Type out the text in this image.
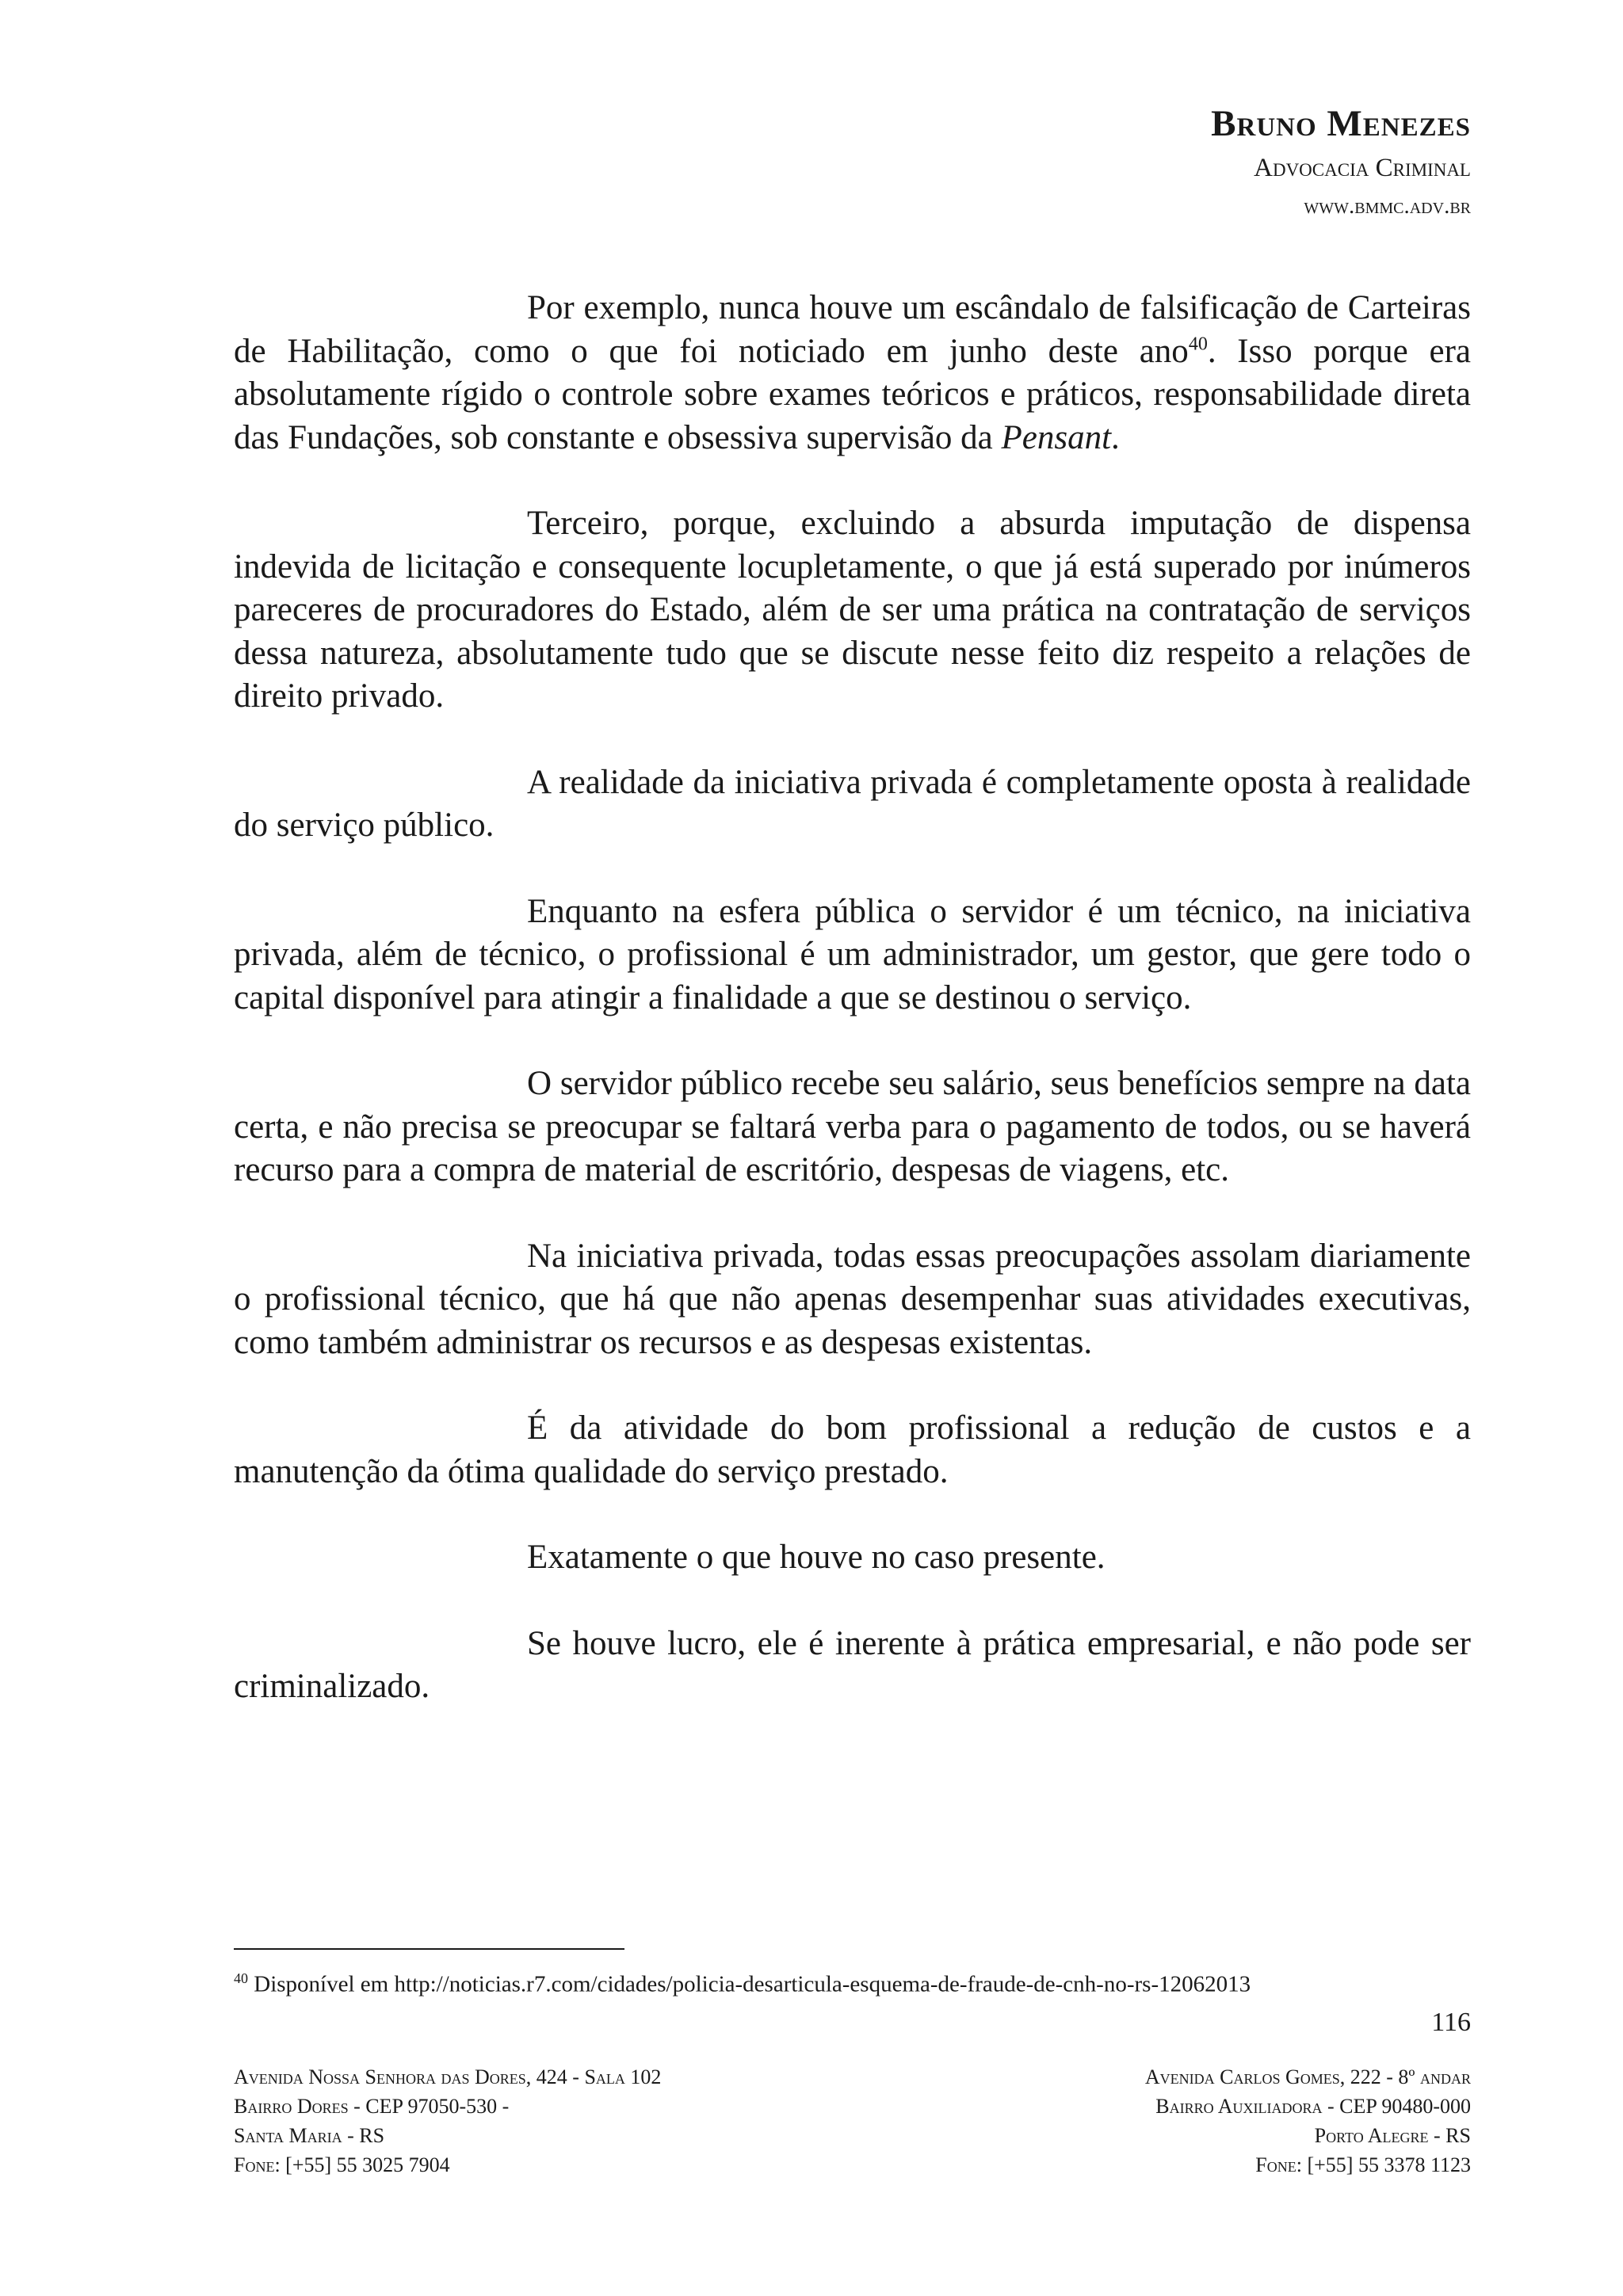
Bruno Menezes
Advocacia Criminal
www.bmmc.adv.br

Por exemplo, nunca houve um escândalo de falsificação de Carteiras de Habilitação, como o que foi noticiado em junho deste ano$^{40}$. Isso porque era absolutamente rígido o controle sobre exames teóricos e práticos, responsabilidade direta das Fundações, sob constante e obsessiva supervisão da Pensant.

Terceiro, porque, excluindo a absurda imputação de dispensa indevida de licitação e consequente locupletamente, o que já está superado por inúmeros pareceres de procuradores do Estado, além de ser uma prática na contratação de serviços dessa natureza, absolutamente tudo que se discute nesse feito diz respeito a relações de direito privado.

A realidade da iniciativa privada é completamente oposta à realidade do serviço público.

Enquanto na esfera pública o servidor é um técnico, na iniciativa privada, além de técnico, o profissional é um administrador, um gestor, que gere todo o capital disponível para atingir a finalidade a que se destinou o serviço.

O servidor público recebe seu salário, seus benefícios sempre na data certa, e não precisa se preocupar se faltará verba para o pagamento de todos, ou se haverá recurso para a compra de material de escritório, despesas de viagens, etc.

Na iniciativa privada, todas essas preocupações assolam diariamente o profissional técnico, que há que não apenas desempenhar suas atividades executivas, como também administrar os recursos e as despesas existentas.

É da atividade do bom profissional a redução de custos e a manutenção da ótima qualidade do serviço prestado.

Exatamente o que houve no caso presente.

Se houve lucro, ele é inerente à prática empresarial, e não pode ser criminalizado.

$^{40}$ Disponível em http://noticias.r7.com/cidades/policia-desarticula-esquema-de-fraude-de-cnh-no-rs-12062013
116
Avenida Nossa Senhora das Dores, 424 - Sala 102
Bairro Dores - CEP 97050-530 -
Santa Maria - RS
Fone: [+55] 55 3025 7904
Avenida Carlos Gomes, 222 - 8º andar
Bairro Auxiliadora - CEP 90480-000
Porto Alegre - RS
Fone: [+55] 55 3378 1123
